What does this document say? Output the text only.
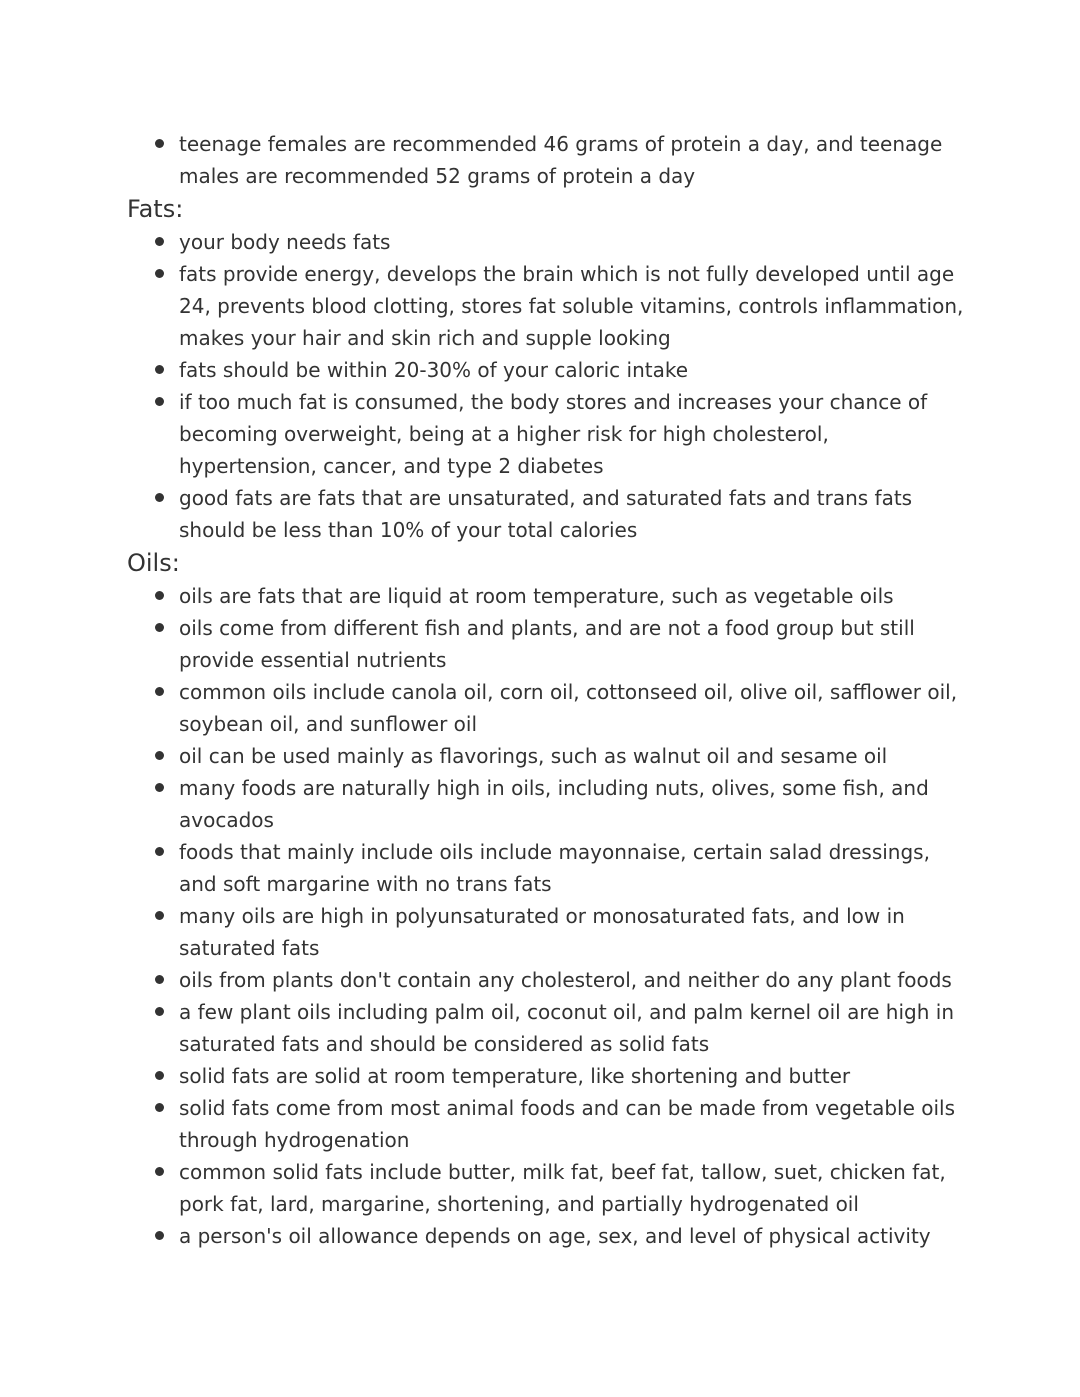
teenage females are recommended 46 grams of protein a day, and teenage males are recommended 52 grams of protein a day
Fats:
your body needs fats
fats provide energy, develops the brain which is not fully developed until age 24, prevents blood clotting, stores fat soluble vitamins, controls inflammation, makes your hair and skin rich and supple looking
fats should be within 20-30% of your caloric intake
if too much fat is consumed, the body stores and increases your chance of becoming overweight, being at a higher risk for high cholesterol, hypertension, cancer, and type 2 diabetes
good fats are fats that are unsaturated, and saturated fats and trans fats should be less than 10% of your total calories
Oils:
oils are fats that are liquid at room temperature, such as vegetable oils
oils come from different fish and plants, and are not a food group but still provide essential nutrients
common oils include canola oil, corn oil, cottonseed oil, olive oil, safflower oil, soybean oil, and sunflower oil
oil can be used mainly as flavorings, such as walnut oil and sesame oil
many foods are naturally high in oils, including nuts, olives, some fish, and avocados
foods that mainly include oils include mayonnaise, certain salad dressings, and soft margarine with no trans fats
many oils are high in polyunsaturated or monosaturated fats, and low in saturated fats
oils from plants don't contain any cholesterol, and neither do any plant foods
a few plant oils including palm oil, coconut oil, and palm kernel oil are high in saturated fats and should be considered as solid fats
solid fats are solid at room temperature, like shortening and butter
solid fats come from most animal foods and can be made from vegetable oils through hydrogenation
common solid fats include butter, milk fat, beef fat, tallow, suet, chicken fat, pork fat, lard, margarine, shortening, and partially hydrogenated oil
a person's oil allowance depends on age, sex, and level of physical activity
